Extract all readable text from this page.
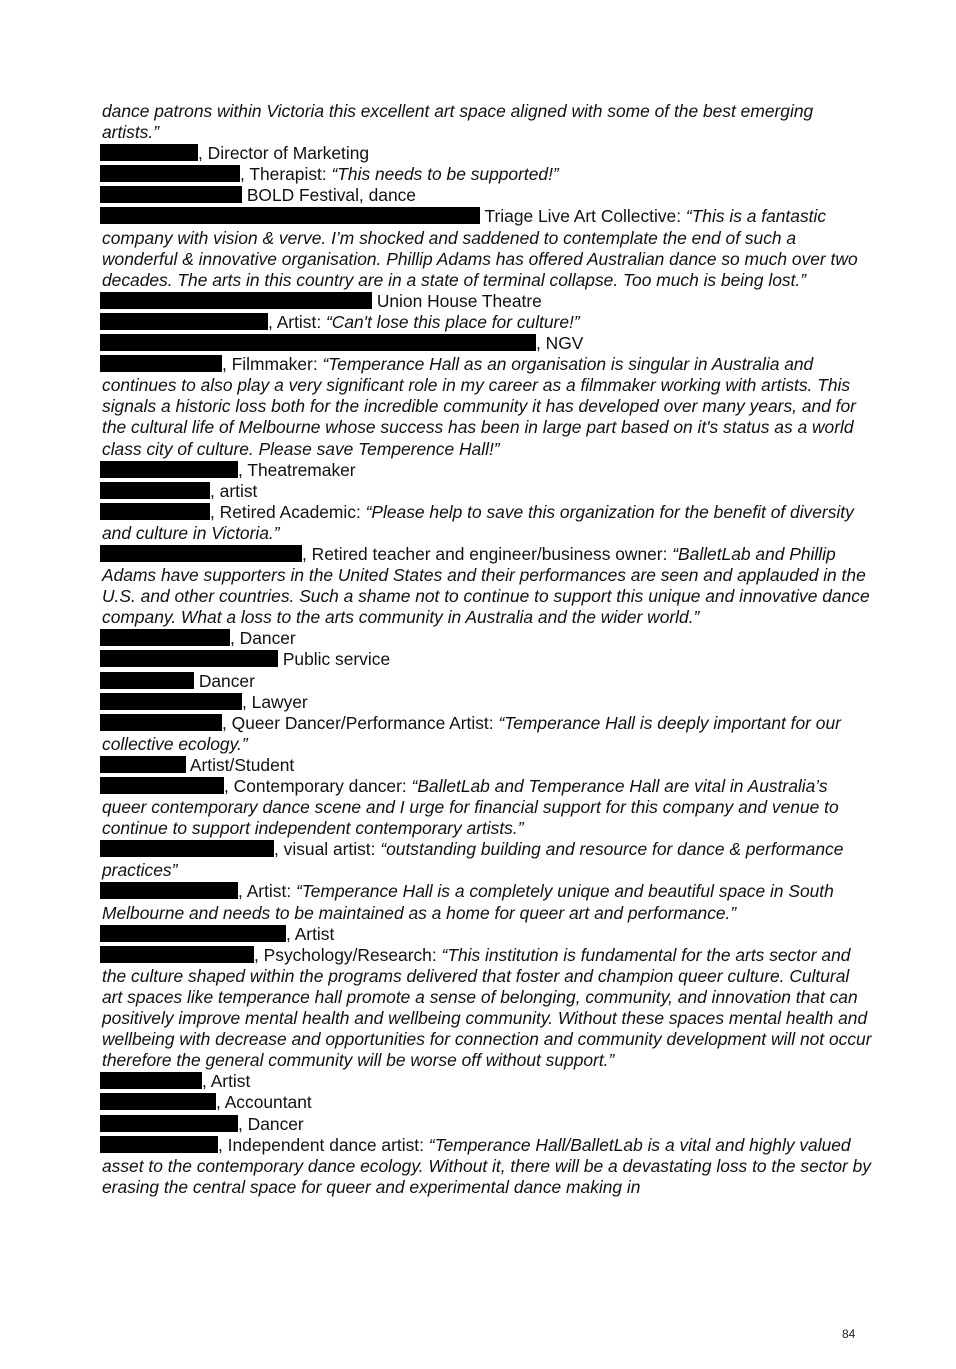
dance patrons within Victoria this excellent art space aligned with some of the best emerging artists.”

, Director of Marketing

, Therapist: “This needs to be supported!”

BOLD Festival, dance

Triage Live Art Collective: “This is a fantastic company with vision & verve. I’m shocked and saddened to contemplate the end of such a wonderful & innovative organisation. Phillip Adams has offered Australian dance so much over two decades. The arts in this country are in a state of terminal collapse. Too much is being lost.”

Union House Theatre

, Artist: “Can't lose this place for culture!”

, NGV

, Filmmaker: “Temperance Hall as an organisation is singular in Australia and continues to also play a very significant role in my career as a filmmaker working with artists. This signals a historic loss both for the incredible community it has developed over many years, and for the cultural life of Melbourne whose success has been in large part based on it's status as a world class city of culture. Please save Temperence Hall!”

, Theatremaker

, artist

, Retired Academic: “Please help to save this organization for the benefit of diversity and culture in Victoria.”

, Retired teacher and engineer/business owner: “BalletLab and Phillip Adams have supporters in the United States and their performances are seen and applauded in the U.S. and other countries. Such a shame not to continue to support this unique and innovative dance company. What a loss to the arts community in Australia and the wider world.”

, Dancer

Public service

Dancer

, Lawyer

, Queer Dancer/Performance Artist: “Temperance Hall is deeply important for our collective ecology.”

Artist/Student

, Contemporary dancer: “BalletLab and Temperance Hall are vital in Australia’s queer contemporary dance scene and I urge for financial support for this company and venue to continue to support independent contemporary artists.”

, visual artist: “outstanding building and resource for dance & performance practices”

, Artist: “Temperance Hall is a completely unique and beautiful space in South Melbourne and needs to be maintained as a home for queer art and performance.”

, Artist

, Psychology/Research: “This institution is fundamental for the arts sector and the culture shaped within the programs delivered that foster and champion queer culture. Cultural art spaces like temperance hall promote a sense of belonging, community, and innovation that can positively improve mental health and wellbeing community. Without these spaces mental health and wellbeing with decrease and opportunities for connection and community development will not occur therefore the general community will be worse off without support.”

, Artist

, Accountant

, Dancer

, Independent dance artist: “Temperance Hall/BalletLab is a vital and highly valued asset to the contemporary dance ecology. Without it, there will be a devastating loss to the sector by erasing the central space for queer and experimental dance making in

84
